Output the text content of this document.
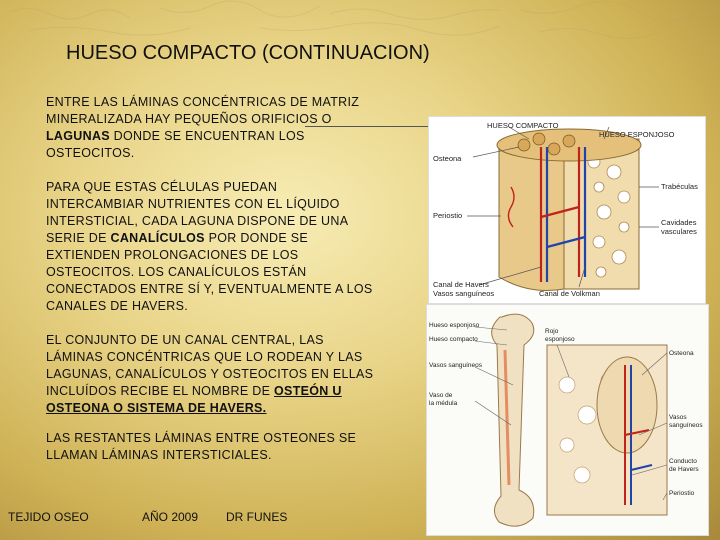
HUESO COMPACTO (CONTINUACION)
ENTRE LAS LÁMINAS CONCÉNTRICAS DE MATRIZ MINERALIZADA HAY PEQUEÑOS ORIFICIOS O LAGUNAS DONDE SE ENCUENTRAN LOS OSTEOCITOS.
PARA QUE ESTAS CÉLULAS PUEDAN INTERCAMBIAR NUTRIENTES CON EL LÍQUIDO INTERSTICIAL, CADA LAGUNA DISPONE DE UNA SERIE DE CANALÍCULOS POR DONDE SE EXTIENDEN PROLONGACIONES DE LOS OSTEOCITOS. LOS CANALÍCULOS ESTÁN CONECTADOS ENTRE SÍ Y, EVENTUALMENTE A LOS CANALES DE HAVERS.
EL CONJUNTO DE UN CANAL CENTRAL, LAS LÁMINAS CONCÉNTRICAS QUE LO RODEAN Y LAS LAGUNAS, CANALÍCULOS Y OSTEOCITOS EN ELLAS INCLUÍDOS RECIBE EL NOMBRE DE OSTEÓN U OSTEONA O SISTEMA DE HAVERS.
LAS RESTANTES LÁMINAS ENTRE OSTEONES SE LLAMAN LÁMINAS INTERSTICIALES.
TEJIDO OSEO	AÑO 2009 DR FUNES
HUESO COMPACTO
HUESO ESPONJOSO
Osteona
Trabéculas
Periostio
Cavidades
vasculares
Canal de Havers
Vasos sanguíneos	Canal de Volkman
Hueso esponjoso
Hueso compacto
Vasos sanguíneos
Vaso de
la médula
Rojo
esponjoso
Osteona
Vasos
sanguíneos
Conducto
de Havers
Periostio
